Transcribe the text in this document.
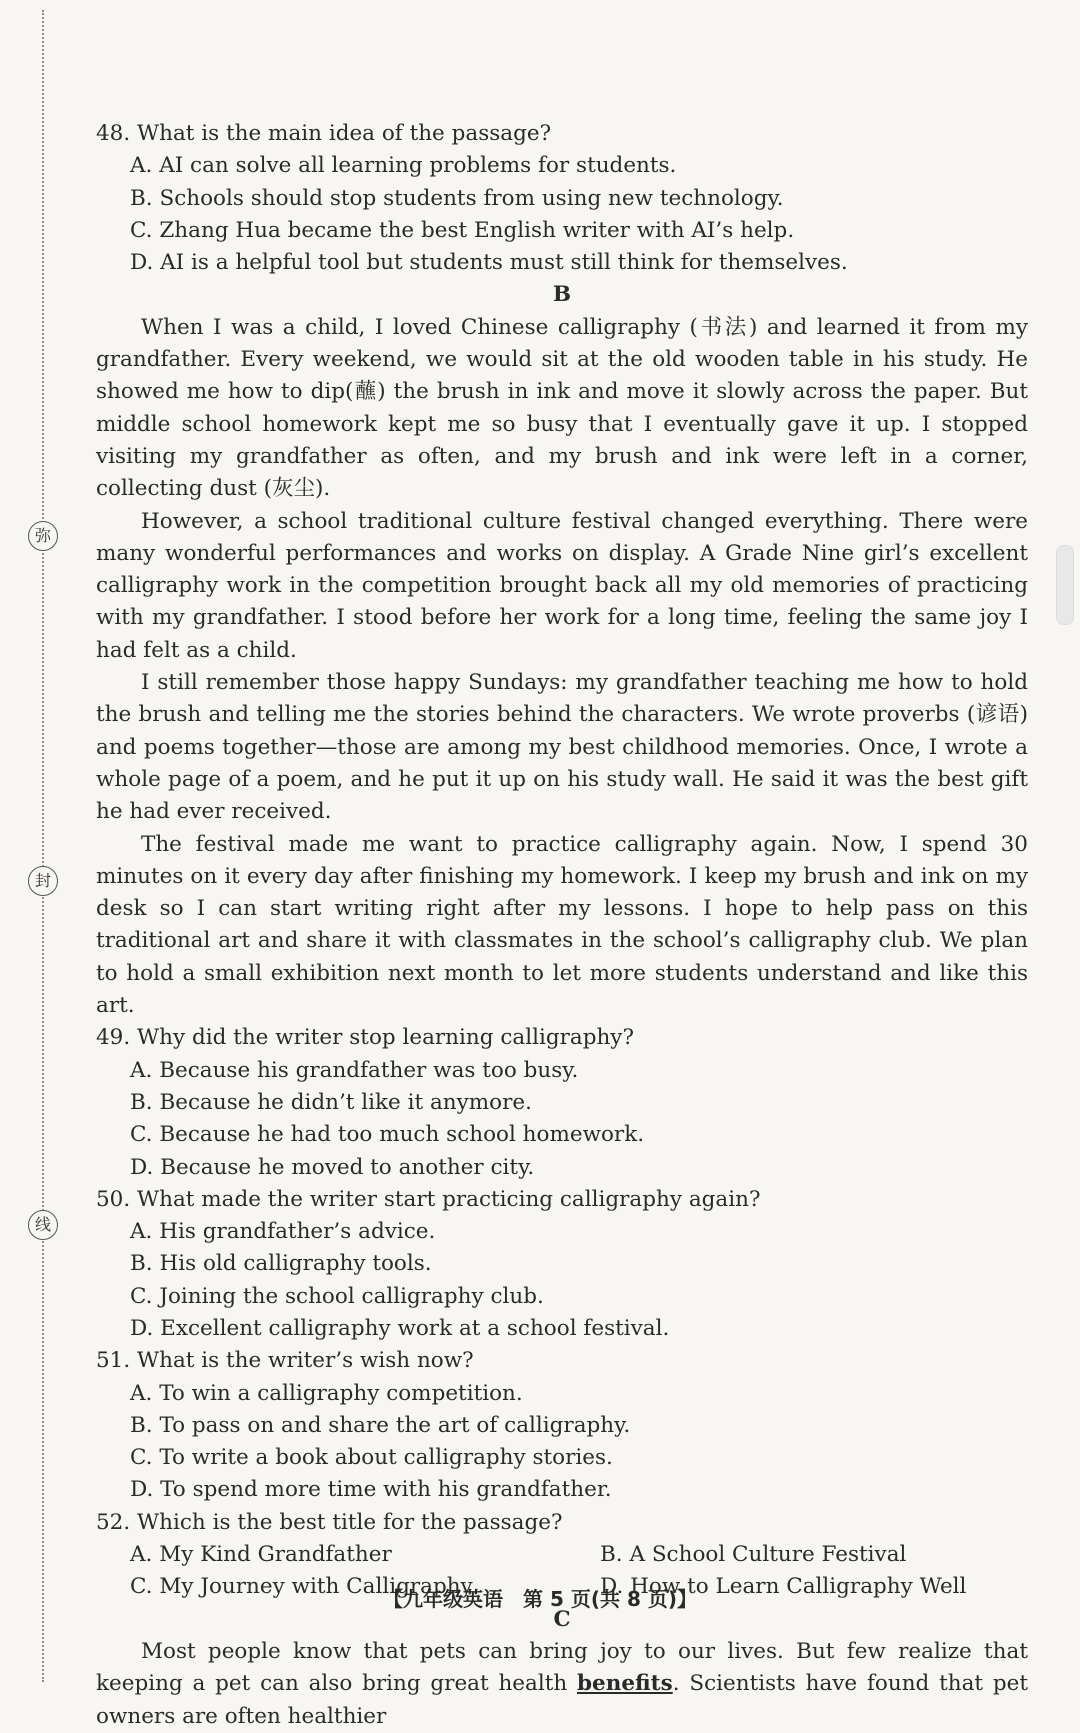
弥
封
线

48. What is the main idea of the passage?

A. AI can solve all learning problems for students.

B. Schools should stop students from using new technology.

C. Zhang Hua became the best English writer with AI’s help.

D. AI is a helpful tool but students must still think for themselves.

B

When I was a child, I loved Chinese calligraphy (书法) and learned it from my grandfather. Every weekend, we would sit at the old wooden table in his study. He showed me how to dip(蘸) the brush in ink and move it slowly across the paper. But middle school homework kept me so busy that I eventually gave it up. I stopped visiting my grandfather as often, and my brush and ink were left in a corner, collecting dust (灰尘).

However, a school traditional culture festival changed everything. There were many wonderful performances and works on display. A Grade Nine girl’s excellent calligraphy work in the competition brought back all my old memories of practicing with my grandfather. I stood before her work for a long time, feeling the same joy I had felt as a child.

I still remember those happy Sundays: my grandfather teaching me how to hold the brush and telling me the stories behind the characters. We wrote proverbs (谚语) and poems together—those are among my best childhood memories. Once, I wrote a whole page of a poem, and he put it up on his study wall. He said it was the best gift he had ever received.

The festival made me want to practice calligraphy again. Now, I spend 30 minutes on it every day after finishing my homework. I keep my brush and ink on my desk so I can start writing right after my lessons. I hope to help pass on this traditional art and share it with classmates in the school’s calligraphy club. We plan to hold a small exhibition next month to let more students understand and like this art.

49. Why did the writer stop learning calligraphy?

A. Because his grandfather was too busy.

B. Because he didn’t like it anymore.

C. Because he had too much school homework.

D. Because he moved to another city.

50. What made the writer start practicing calligraphy again?

A. His grandfather’s advice.

B. His old calligraphy tools.

C. Joining the school calligraphy club.

D. Excellent calligraphy work at a school festival.

51. What is the writer’s wish now?

A. To win a calligraphy competition.

B. To pass on and share the art of calligraphy.

C. To write a book about calligraphy stories.

D. To spend more time with his grandfather.

52. Which is the best title for the passage?

A. My Kind Grandfather	B. A School Culture Festival
C. My Journey with Calligraphy	D. How to Learn Calligraphy Well

C

Most people know that pets can bring joy to our lives. But few realize that keeping a pet can also bring great health benefits. Scientists have found that pet owners are often healthier

【九年级英语　第 5 页(共 8 页)】
